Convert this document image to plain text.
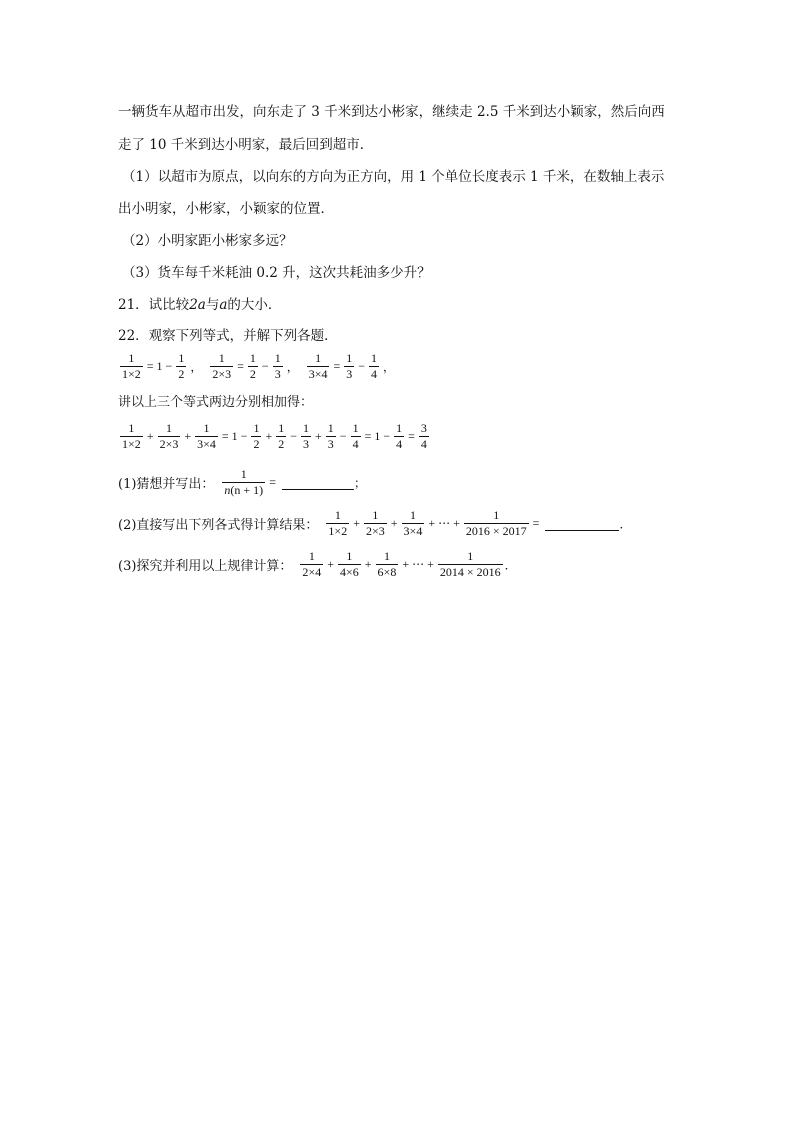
一辆货车从超市出发，向东走了 3 千米到达小彬家，继续走 2.5 千米到达小颖家，然后向西
走了 10 千米到达小明家，最后回到超市．
（1）以超市为原点，以向东的方向为正方向，用 1 个单位长度表示 1 千米，在数轴上表示
出小明家，小彬家，小颖家的位置．
（2）小明家距小彬家多远？
（3）货车每千米耗油 0.2 升，这次共耗油多少升？
21．试比较2a与a的大小．
22．观察下列等式，并解下列各题．
$\frac{1}{1\times 2} = 1 - \frac{1}{2}$ ， $\frac{1}{2\times 3} = \frac{1}{2} - \frac{1}{3}$ ， $\frac{1}{3\times 4} = \frac{1}{3} - \frac{1}{4}$ ，
讲以上三个等式两边分别相加得：
$\frac{1}{1\times 2} + \frac{1}{2\times 3} + \frac{1}{3\times 4} = 1 - \frac{1}{2} + \frac{1}{2} - \frac{1}{3} + \frac{1}{3} - \frac{1}{4} = 1 - \frac{1}{4} = \frac{3}{4}$
(1)猜想并写出： $\frac{1}{n(n + 1)}$ =	；
(2)直接写出下列各式得计算结果： $\frac{1}{1\times 2} + \frac{1}{2\times 3} + \frac{1}{3\times 4}$ + ⋯ + $\frac{1}{2016 \times 2017}$ =	．
(3)探究并利用以上规律计算： $\frac{1}{2\times 4} + \frac{1}{4\times 6} + \frac{1}{6\times 8}$ + ⋯ + $\frac{1}{2014 \times 2016}$ ．
